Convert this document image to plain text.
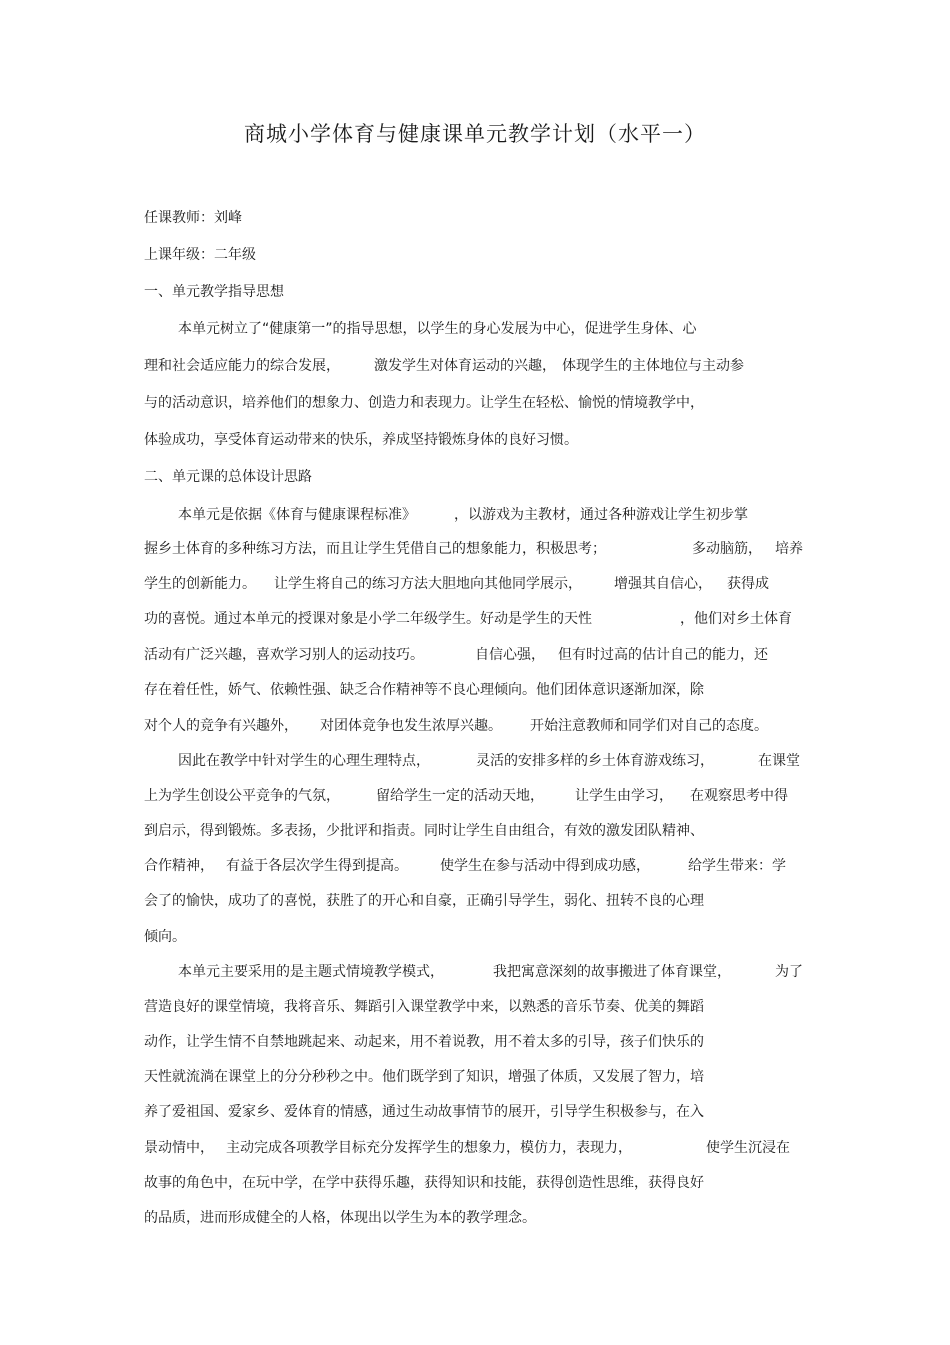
商城小学体育与健康课单元教学计划（水平一）
任课教师：刘峰
上课年级：二年级
一、单元教学指导思想
本单元树立了“健康第一”的指导思想，以学生的身心发展为中心，促进学生身体、心
理和社会适应能力的综合发展， 激发学生对体育运动的兴趣， 体现学生的主体地位与主动参
与的活动意识，培养他们的想象力、创造力和表现力。让学生在轻松、愉悦的情境教学中，
体验成功，享受体育运动带来的快乐，养成坚持锻炼身体的良好习惯。
二、单元课的总体设计思路
本单元是依据《体育与健康课程标准》	，以游戏为主教材，通过各种游戏让学生初步掌
握乡土体育的多种练习方法，而且让学生凭借自己的想象能力，积极思考；	多动脑筋， 培养
学生的创新能力。 让学生将自己的练习方法大胆地向其他同学展示， 增强其自信心， 获得成
功的喜悦。通过本单元的授课对象是小学二年级学生。好动是学生的天性	，他们对乡土体育
活动有广泛兴趣，喜欢学习别人的运动技巧。	自信心强， 但有时过高的估计自己的能力，还
存在着任性，娇气、依赖性强、缺乏合作精神等不良心理倾向。他们团体意识逐渐加深，除
对个人的竞争有兴趣外， 对团体竞争也发生浓厚兴趣。 开始注意教师和同学们对自己的态度。
因此在教学中针对学生的心理生理特点，	灵活的安排多样的乡土体育游戏练习，	在课堂
上为学生创设公平竞争的气氛，	留给学生一定的活动天地， 让学生由学习， 在观察思考中得
到启示，得到锻炼。多表扬，少批评和指责。同时让学生自由组合，有效的激发团队精神、
合作精神， 有益于各层次学生得到提高。 使学生在参与活动中得到成功感，	给学生带来：学
会了的愉快，成功了的喜悦，获胜了的开心和自豪，正确引导学生，弱化、扭转不良的心理
倾向。
本单元主要采用的是主题式情境教学模式，	我把寓意深刻的故事搬进了体育课堂，	为了
营造良好的课堂情境，我将音乐、舞蹈引入课堂教学中来，以熟悉的音乐节奏、优美的舞蹈
动作，让学生情不自禁地跳起来、动起来，用不着说教，用不着太多的引导，孩子们快乐的
天性就流淌在课堂上的分分秒秒之中。他们既学到了知识，增强了体质，又发展了智力，培
养了爱祖国、爱家乡、爱体育的情感，通过生动故事情节的展开，引导学生积极参与，在入
景动情中， 主动完成各项教学目标充分发挥学生的想象力，模仿力，表现力，	使学生沉浸在
故事的角色中，在玩中学，在学中获得乐趣，获得知识和技能，获得创造性思维，获得良好
的品质，进而形成健全的人格，体现出以学生为本的教学理念。
